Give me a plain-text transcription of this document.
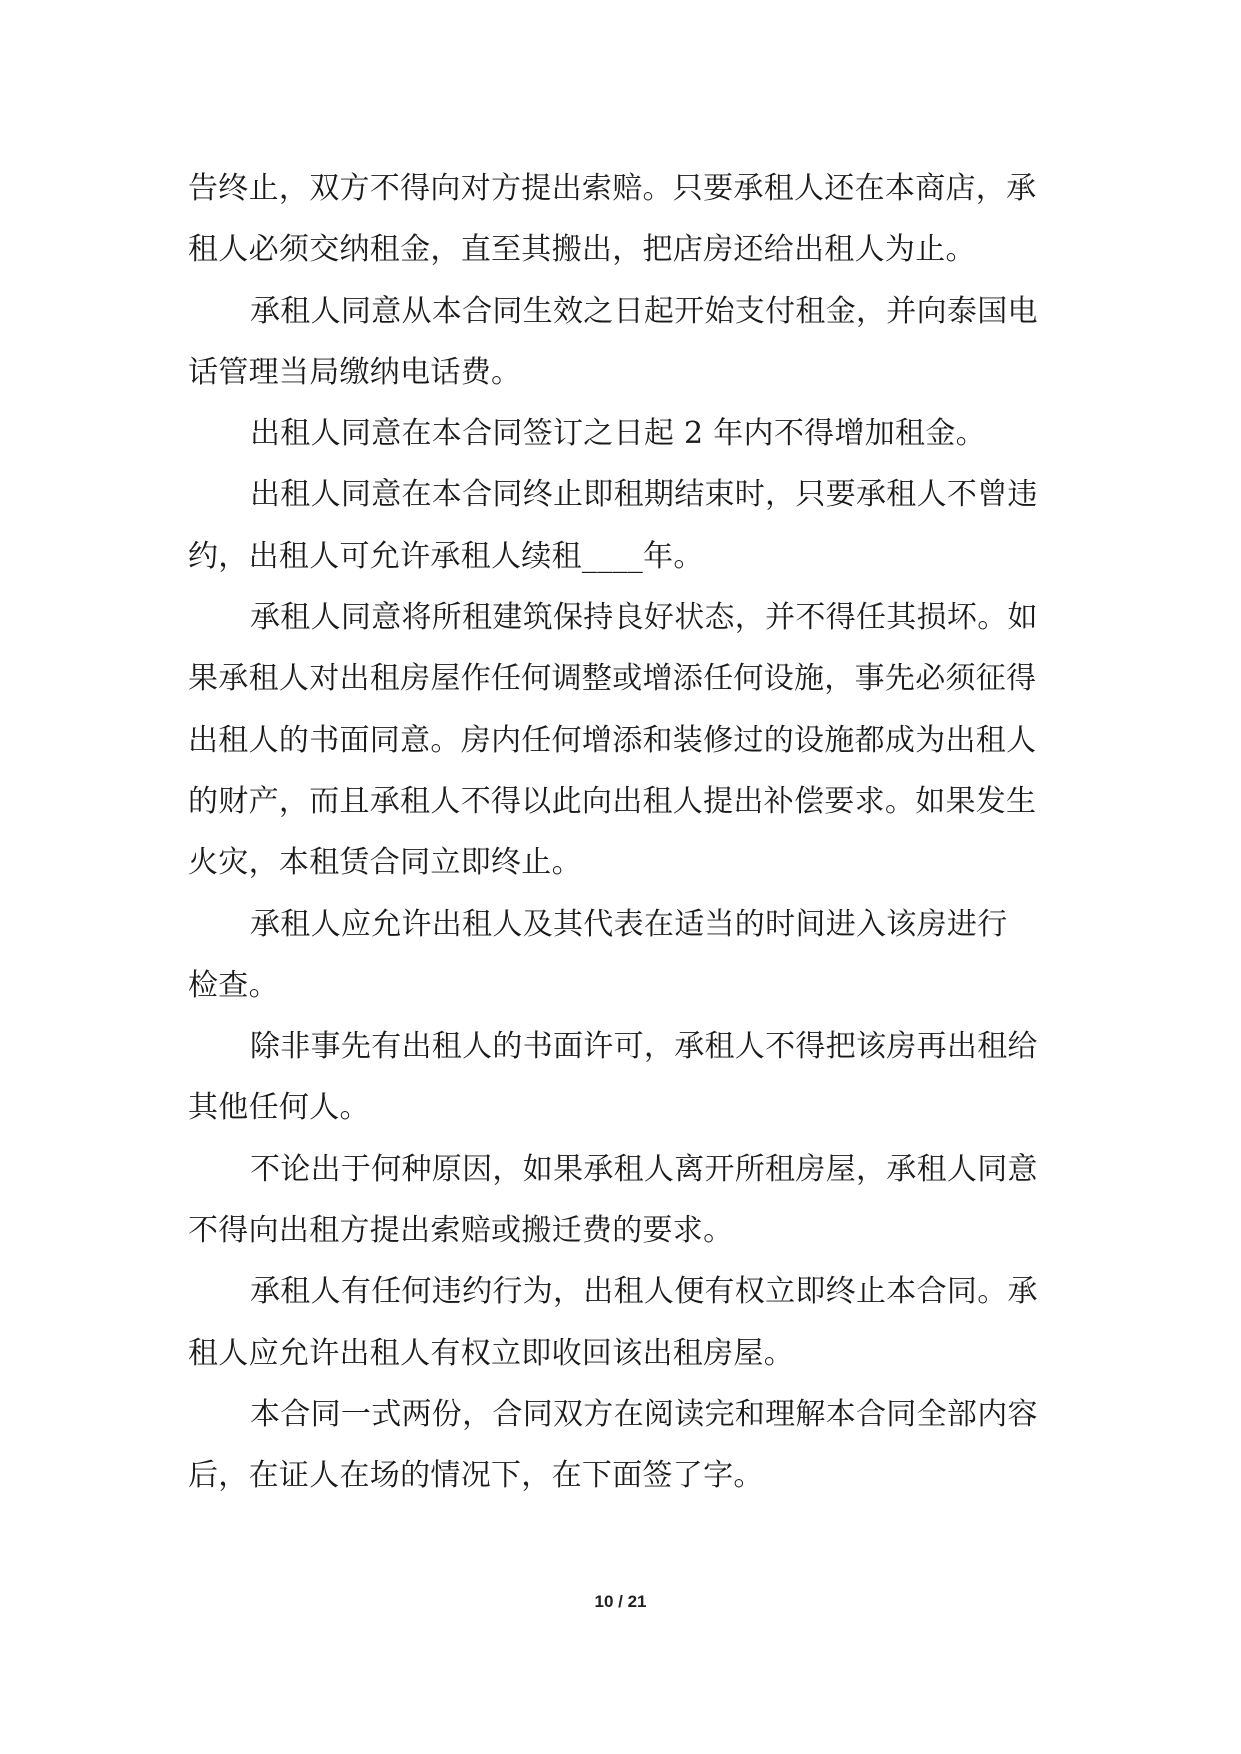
告终止，双方不得向对方提出索赔。只要承租人还在本商店，承
租人必须交纳租金，直至其搬出，把店房还给出租人为止。
承租人同意从本合同生效之日起开始支付租金，并向泰国电
话管理当局缴纳电话费。
出租人同意在本合同签订之日起 2 年内不得增加租金。
出租人同意在本合同终止即租期结束时，只要承租人不曾违
约，出租人可允许承租人续租____年。
承租人同意将所租建筑保持良好状态，并不得任其损坏。如
果承租人对出租房屋作任何调整或增添任何设施，事先必须征得
出租人的书面同意。房内任何增添和装修过的设施都成为出租人
的财产，而且承租人不得以此向出租人提出补偿要求。如果发生
火灾，本租赁合同立即终止。
承租人应允许出租人及其代表在适当的时间进入该房进行
检查。
除非事先有出租人的书面许可，承租人不得把该房再出租给
其他任何人。
不论出于何种原因，如果承租人离开所租房屋，承租人同意
不得向出租方提出索赔或搬迁费的要求。
承租人有任何违约行为，出租人便有权立即终止本合同。承
租人应允许出租人有权立即收回该出租房屋。
本合同一式两份，合同双方在阅读完和理解本合同全部内容
后，在证人在场的情况下，在下面签了字。
10 / 21
